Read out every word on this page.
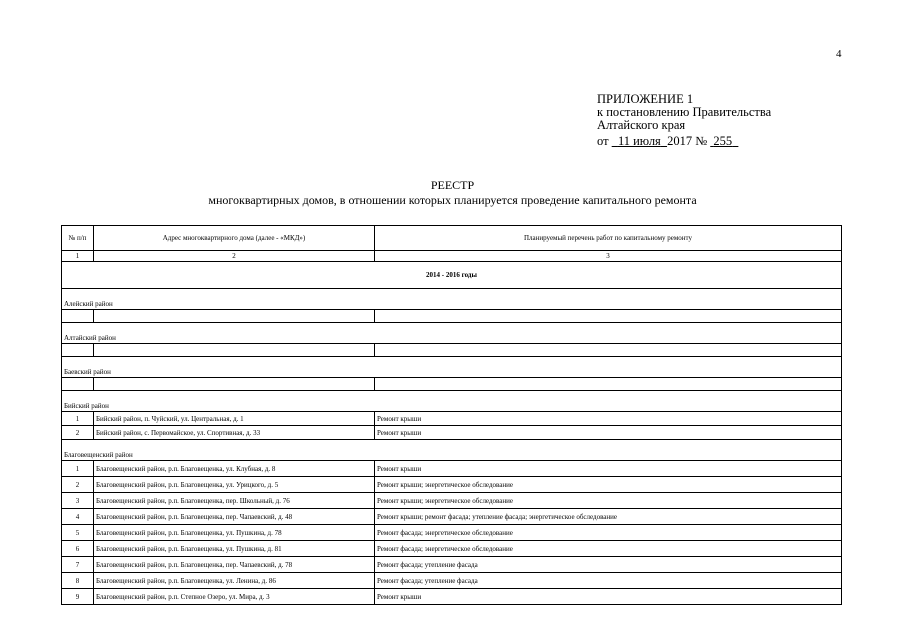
4
ПРИЛОЖЕНИЕ 1
к постановлению Правительства
Алтайского края
от 11 июля 2017 № 255
РЕЕСТР
многоквартирных домов, в отношении которых планируется проведение капитального ремонта
№ п/п	Адрес многоквартирного дома (далее - «МКД»)	Планируемый перечень работ по капитальному ремонту
1	2	3
2014 - 2016 годы		
Алейский район		

Алтайский район		

Баевский район		

Бийский район		
1	Бийский район, п. Чуйский, ул. Центральная, д. 1	Ремонт крыши
2	Бийский район, с. Первомайское, ул. Спортивная, д. 33	Ремонт крыши
Благовещенский район		
1	Благовещенский район, р.п. Благовещенка, ул. Клубная, д. 8	Ремонт крыши
2	Благовещенский район, р.п. Благовещенка, ул. Урицкого, д. 5	Ремонт крыши; энергетическое обследование
3	Благовещенский район, р.п. Благовещенка, пер. Школьный, д. 76	Ремонт крыши; энергетическое обследование
4	Благовещенский район, р.п. Благовещенка, пер. Чапаевский, д. 48	Ремонт крыши; ремонт фасада; утепление фасада; энергетическое обследование
5	Благовещенский район, р.п. Благовещенка, ул. Пушкина, д. 78	Ремонт фасада; энергетическое обследование
6	Благовещенский район, р.п. Благовещенка, ул. Пушкина, д. 81	Ремонт фасада; энергетическое обследование
7	Благовещенский район, р.п. Благовещенка, пер. Чапаевский, д. 78	Ремонт фасада; утепление фасада
8	Благовещенский район, р.п. Благовещенка, ул. Ленина, д. 86	Ремонт фасада; утепление фасада
9	Благовещенский район, р.п. Степное Озеро, ул. Мира, д. 3	Ремонт крыши
